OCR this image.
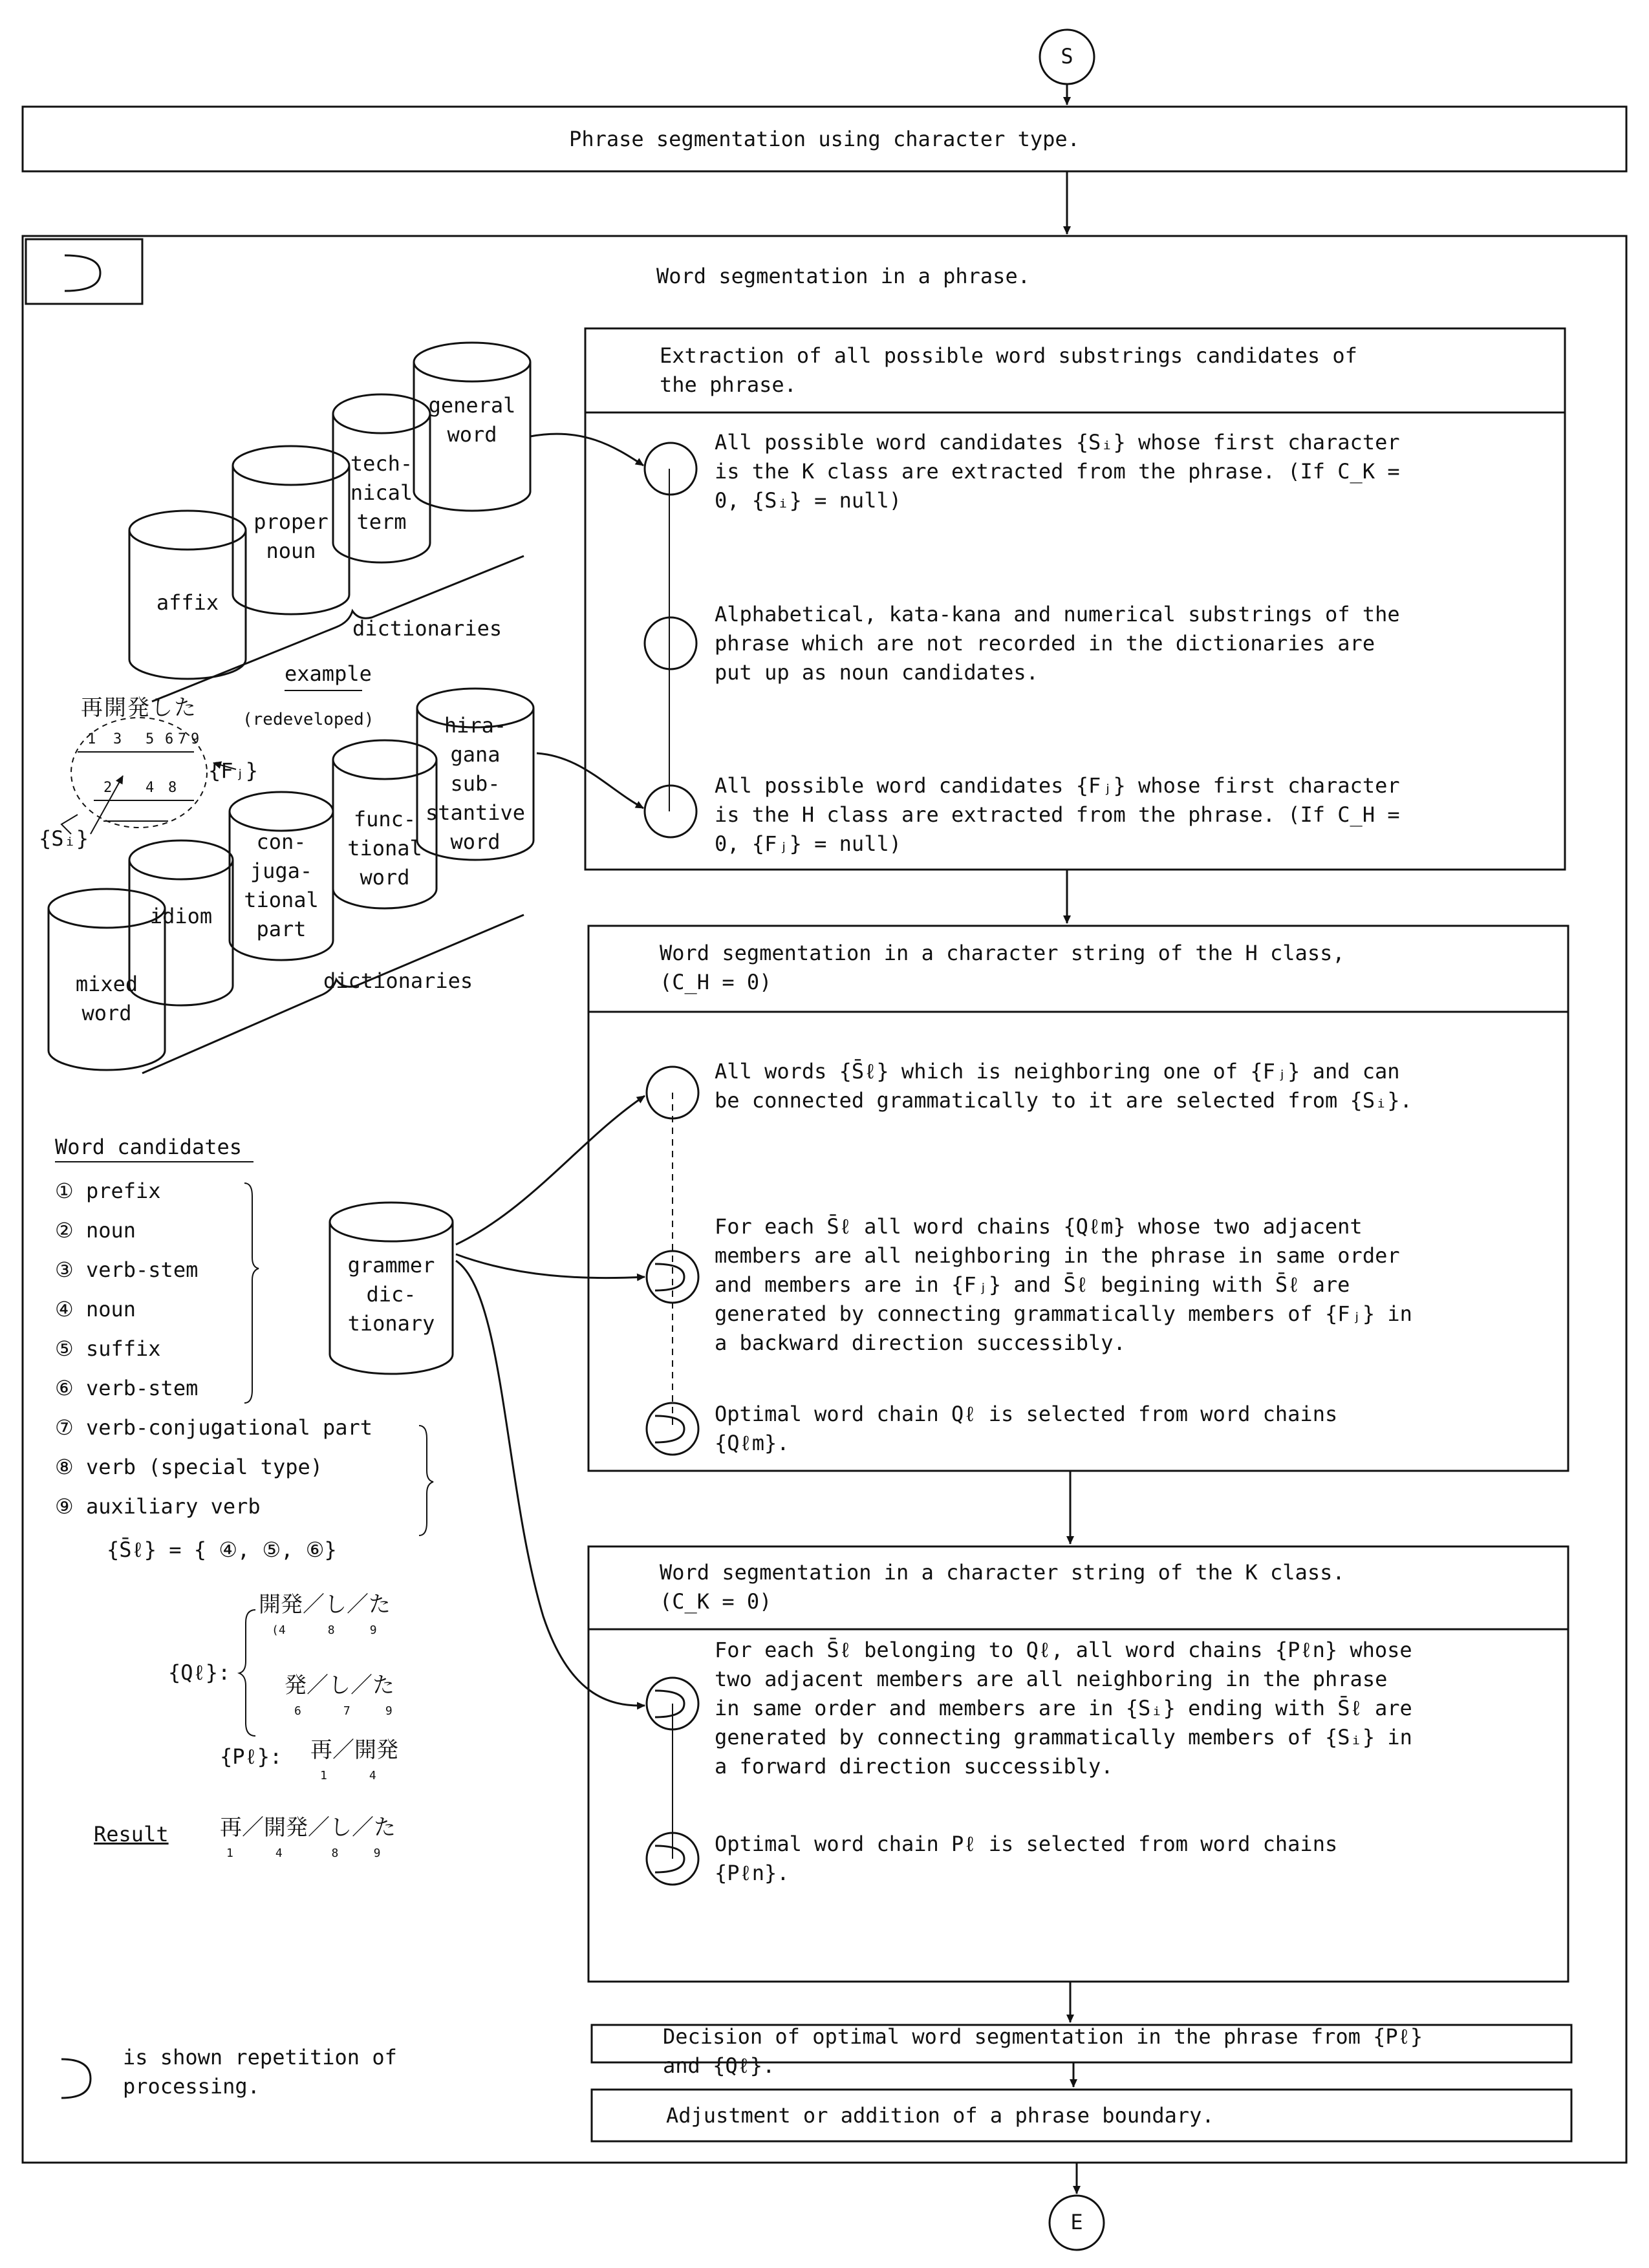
S
E
Phrase segmentation using character type.
Word segmentation in a phrase.
Extraction of all possible word substrings candidates of
the phrase.
All possible word candidates {Sᵢ} whose first character
is the K class are extracted from the phrase. (If C_K =
0, {Sᵢ} = null)
Alphabetical, kata-kana and numerical substrings of the
phrase which are not recorded in the dictionaries are
put up as noun candidates.
All possible word candidates {Fⱼ} whose first character
is the H class are extracted from the phrase. (If C_H =
0, {Fⱼ} = null)
Word segmentation in a character string of the H class,
(C_H = 0)
All words {S̄ℓ} which is neighboring one of {Fⱼ} and can
be connected grammatically to it are selected from {Sᵢ}.
For each S̄ℓ all word chains {Qℓm} whose two adjacent
members are all neighboring in the phrase in same order
and members are in {Fⱼ} and S̄ℓ begining with S̄ℓ are
generated by connecting grammatically members of {Fⱼ} in
a backward direction successibly.
Optimal word chain Qℓ is selected from word chains
{Qℓm}.
Word segmentation in a character string of the K class.
(C_K = 0)
For each S̄ℓ belonging to Qℓ, all word chains {Pℓn} whose
two adjacent members are all neighboring in the phrase
in same order and members are in {Sᵢ} ending with S̄ℓ are
generated by connecting grammatically members of {Sᵢ} in
a forward direction successibly.
Optimal word chain Pℓ is selected from word chains
{Pℓn}.
Decision of optimal word segmentation in the phrase from {Pℓ}
and {Qℓ}.
Adjustment or addition of a phrase boundary.
affix
proper
noun
tech-
nical
term
general
word
dictionaries
mixed
word
idiom
con-
juga-
tional
part
func-
tional
word
hira-
gana
sub-
stantive
word
dictionaries
grammer
dic-
tionary
example
再開発した	(redeveloped)
{Fⱼ}
{Sᵢ}
1 3 5 6 7 9
2 4 8
Word candidates
① prefix
② noun
③ verb-stem
④ noun
⑤ suffix
⑥ verb-stem
⑦ verb-conjugational part
⑧ verb (special type)
⑨ auxiliary verb
{S̄ℓ} = { ④, ⑤, ⑥}
{Qℓ}:
開発／し／た
(4      8     9
発／し／た
6      7     9
{Pℓ}: 再／開発
1      4
Result 再／開発／し／た
1      4       8     9
is shown repetition of
processing.
